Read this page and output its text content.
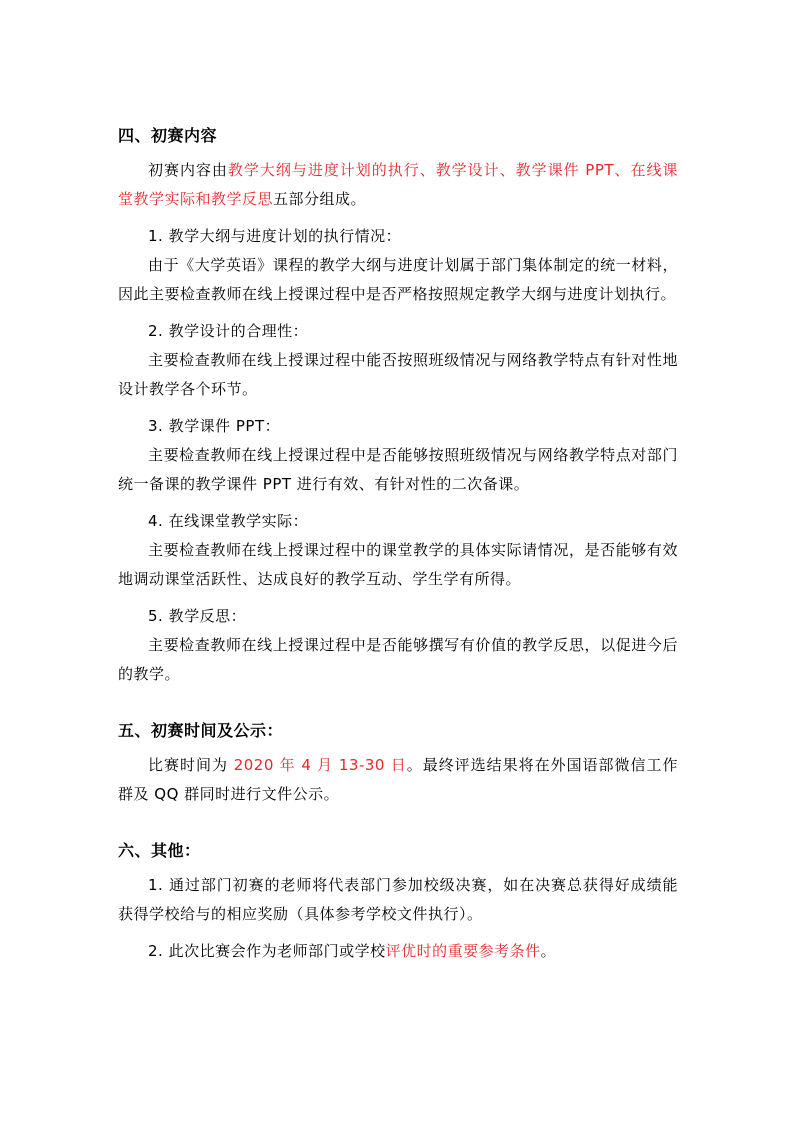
四、初赛内容

初赛内容由教学大纲与进度计划的执行、教学设计、教学课件 PPT、在线课堂教学实际和教学反思五部分组成。

1. 教学大纲与进度计划的执行情况：

由于《大学英语》课程的教学大纲与进度计划属于部门集体制定的统一材料，因此主要检查教师在线上授课过程中是否严格按照规定教学大纲与进度计划执行。

2. 教学设计的合理性：

主要检查教师在线上授课过程中能否按照班级情况与网络教学特点有针对性地设计教学各个环节。

3. 教学课件 PPT：

主要检查教师在线上授课过程中是否能够按照班级情况与网络教学特点对部门统一备课的教学课件 PPT 进行有效、有针对性的二次备课。

4. 在线课堂教学实际：

主要检查教师在线上授课过程中的课堂教学的具体实际请情况，是否能够有效地调动课堂活跃性、达成良好的教学互动、学生学有所得。

5. 教学反思：

主要检查教师在线上授课过程中是否能够撰写有价值的教学反思，以促进今后的教学。

五、初赛时间及公示：

比赛时间为 2020 年 4 月 13-30 日。最终评选结果将在外国语部微信工作群及 QQ 群同时进行文件公示。

六、其他：

1. 通过部门初赛的老师将代表部门参加校级决赛，如在决赛总获得好成绩能获得学校给与的相应奖励（具体参考学校文件执行）。

2. 此次比赛会作为老师部门或学校评优时的重要参考条件。
